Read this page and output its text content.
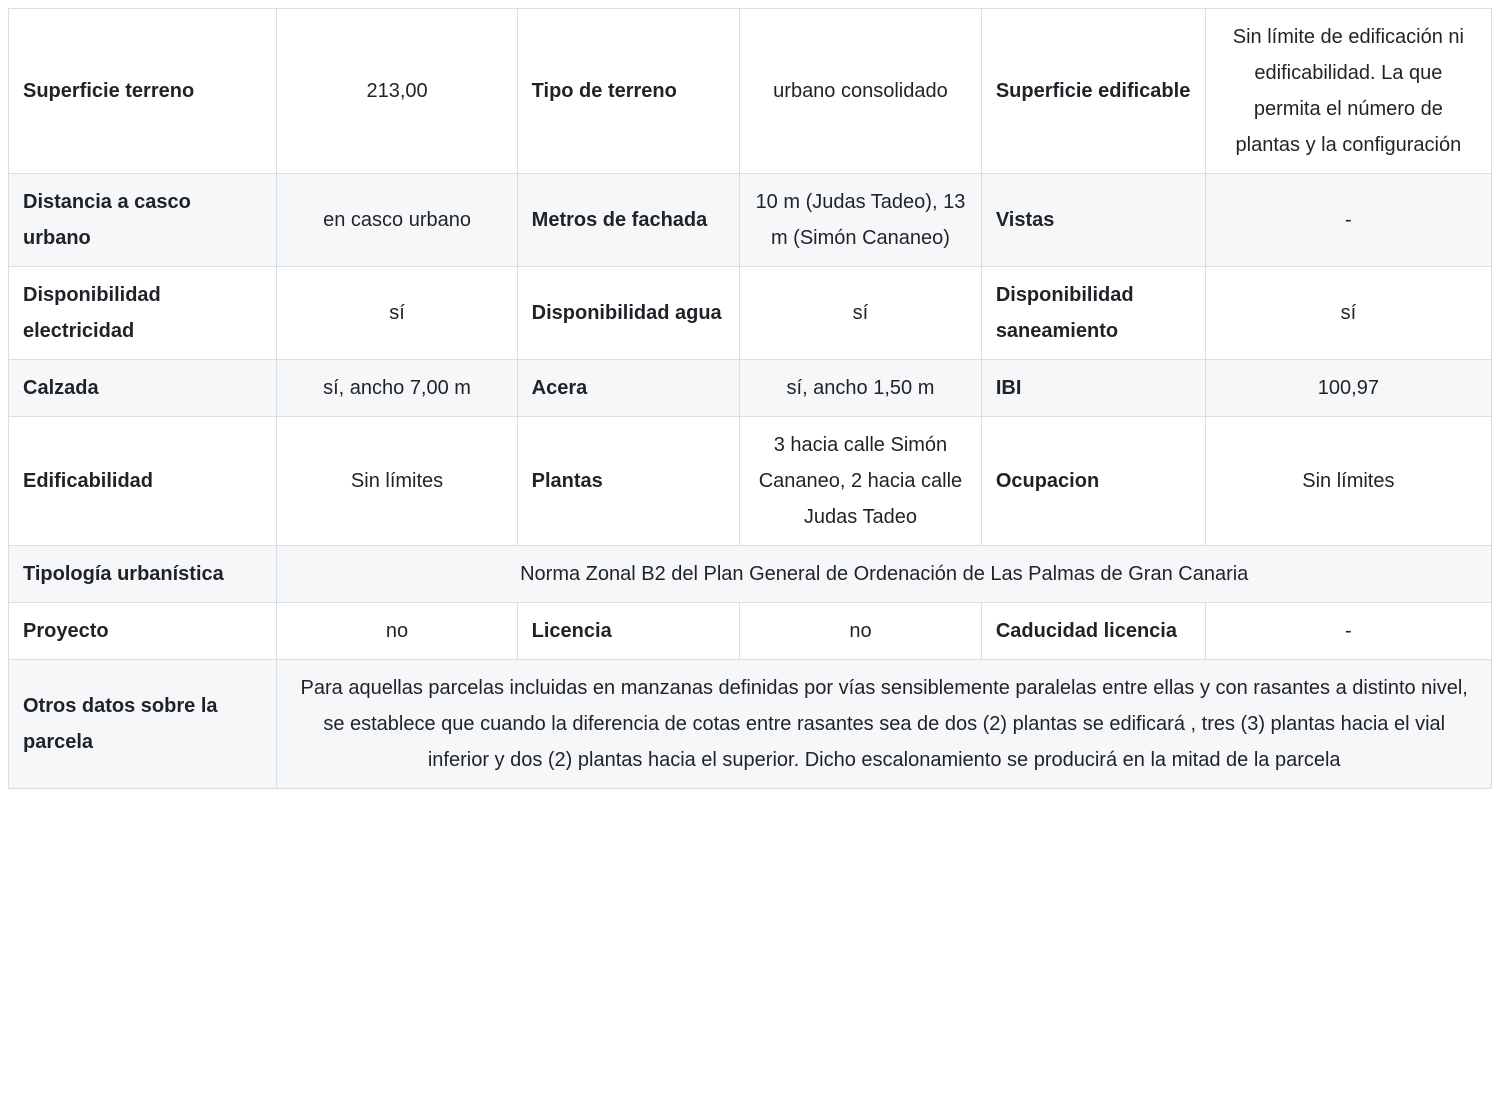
Superficie terreno	213,00	Tipo de terreno	urbano consolidado	Superficie edificable	Sin límite de edificación ni edificabilidad. La que permita el número de plantas y la configuración
Distancia a casco urbano	en casco urbano	Metros de fachada	10 m (Judas Tadeo), 13 m (Simón Cananeo)	Vistas	-
Disponibilidad electricidad	sí	Disponibilidad agua	sí	Disponibilidad saneamiento	sí
Calzada	sí, ancho 7,00 m	Acera	sí, ancho 1,50 m	IBI	100,97
Edificabilidad	Sin límites	Plantas	3 hacia calle Simón Cananeo, 2 hacia calle Judas Tadeo	Ocupacion	Sin límites
Tipología urbanística	Norma Zonal B2 del Plan General de Ordenación de Las Palmas de Gran Canaria				
Proyecto	no	Licencia	no	Caducidad licencia	-
Otros datos sobre la parcela	Para aquellas parcelas incluidas en manzanas definidas por vías sensiblemente paralelas entre ellas y con rasantes a distinto nivel, se establece que cuando la diferencia de cotas entre rasantes sea de dos (2) plantas se edificará , tres (3) plantas hacia el vial inferior y dos (2) plantas hacia el superior. Dicho escalonamiento se producirá en la mitad de la parcela				
